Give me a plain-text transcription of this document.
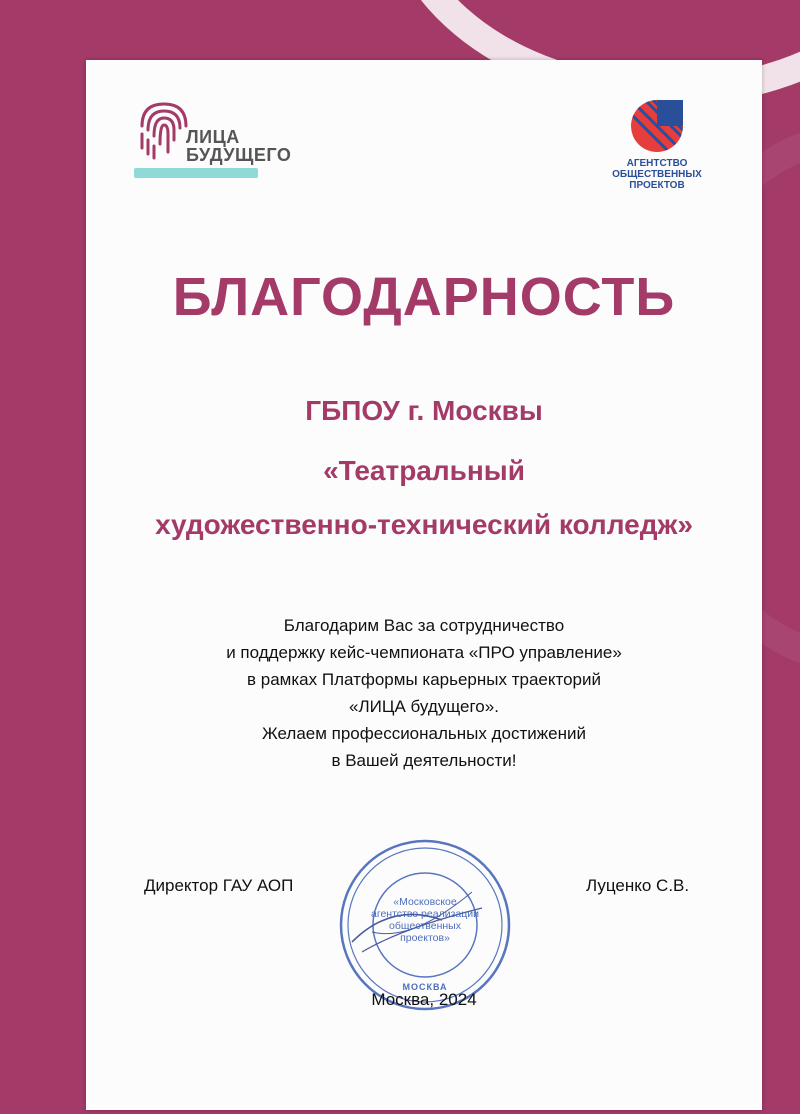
ЛИЦА
БУДУЩЕГО	АГЕНТСТВО
ОБЩЕСТВЕННЫХ
ПРОЕКТОВ
БЛАГОДАРНОСТЬ
ГБПОУ г. Москвы
«Театральный
художественно-технический колледж»
Благодарим Вас за сотрудничество
и поддержку кейс-чемпионата «ПРО управление»
в рамках Платформы карьерных траекторий
«ЛИЦА будущего».
Желаем профессиональных достижений
в Вашей деятельности!
Директор ГАУ АОП	Луценко С.В.
«Московское
агентство реализации
общественных
проектов»
МОСКВА
Москва, 2024
